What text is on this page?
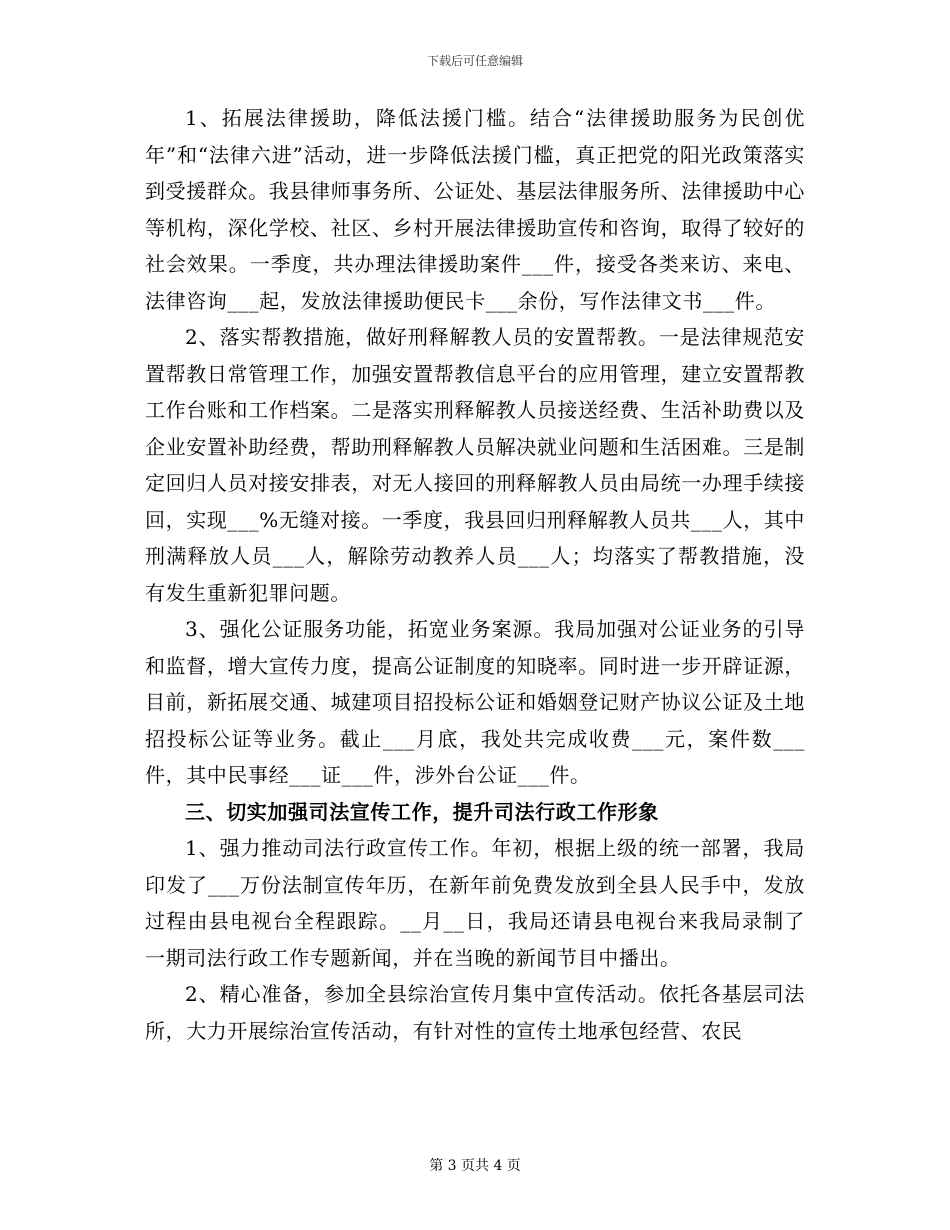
下载后可任意编辑

1、拓展法律援助，降低法援门槛。结合“法律援助服务为民创优年”和“法律六进”活动，进一步降低法援门槛，真正把党的阳光政策落实到受援群众。我县律师事务所、公证处、基层法律服务所、法律援助中心等机构，深化学校、社区、乡村开展法律援助宣传和咨询，取得了较好的社会效果。一季度，共办理法律援助案件___件，接受各类来访、来电、法律咨询___起，发放法律援助便民卡___余份，写作法律文书___件。

2、落实帮教措施，做好刑释解教人员的安置帮教。一是法律规范安置帮教日常管理工作，加强安置帮教信息平台的应用管理，建立安置帮教工作台账和工作档案。二是落实刑释解教人员接送经费、生活补助费以及企业安置补助经费，帮助刑释解教人员解决就业问题和生活困难。三是制定回归人员对接安排表，对无人接回的刑释解教人员由局统一办理手续接回，实现___%无缝对接。一季度，我县回归刑释解教人员共___人，其中刑满释放人员___人，解除劳动教养人员___人；均落实了帮教措施，没有发生重新犯罪问题。

3、强化公证服务功能，拓宽业务案源。我局加强对公证业务的引导和监督，增大宣传力度，提高公证制度的知晓率。同时进一步开辟证源，目前，新拓展交通、城建项目招投标公证和婚姻登记财产协议公证及土地招投标公证等业务。截止___月底，我处共完成收费___元，案件数___件，其中民事经___证___件，涉外台公证___件。

三、切实加强司法宣传工作，提升司法行政工作形象

1、强力推动司法行政宣传工作。年初，根据上级的统一部署，我局印发了___万份法制宣传年历，在新年前免费发放到全县人民手中，发放过程由县电视台全程跟踪。__月__日，我局还请县电视台来我局录制了一期司法行政工作专题新闻，并在当晚的新闻节目中播出。

2、精心准备，参加全县综治宣传月集中宣传活动。依托各基层司法所，大力开展综治宣传活动，有针对性的宣传土地承包经营、农民

第 3 页共 4 页
